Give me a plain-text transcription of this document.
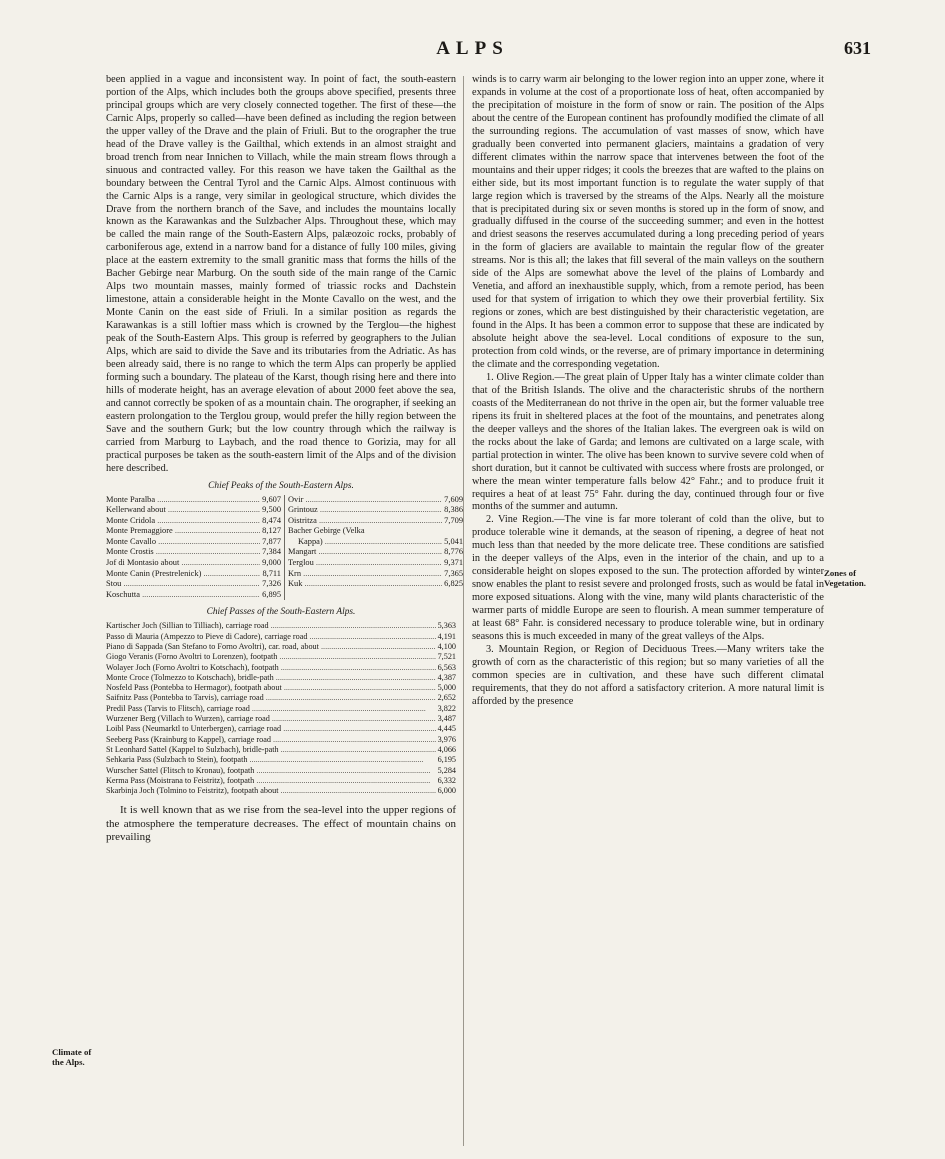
ALPS	631

been applied in a vague and inconsistent way. In point of fact, the south-eastern portion of the Alps, which includes both the groups above specified, presents three principal groups which are very closely connected together. The first of these—the Carnic Alps, properly so called—have been defined as including the region between the upper valley of the Drave and the plain of Friuli. But to the orographer the true head of the Drave valley is the Gailthal, which extends in an almost straight and broad trench from near Innichen to Villach, while the main stream flows through a sinuous and contracted valley. For this reason we have taken the Gailthal as the boundary between the Central Tyrol and the Carnic Alps. Almost continuous with the Carnic Alps is a range, very similar in geological structure, which divides the Drave from the northern branch of the Save, and includes the mountains locally known as the Karawankas and the Sulzbacher Alps. Throughout these, which may be called the main range of the South-Eastern Alps, palæozoic rocks, probably of carboniferous age, extend in a narrow band for a distance of fully 100 miles, giving place at the eastern extremity to the small granitic mass that forms the hills of the Bacher Gebirge near Marburg. On the south side of the main range of the Carnic Alps two mountain masses, mainly formed of triassic rocks and Dachstein limestone, attain a considerable height in the Monte Cavallo on the west, and the Monte Canin on the east side of Friuli. In a similar position as regards the Karawankas is a still loftier mass which is crowned by the Terglou—the highest peak of the South-Eastern Alps. This group is referred by geographers to the Julian Alps, which are said to divide the Save and its tributaries from the Adriatic. As has been already said, there is no range to which the term Alps can properly be applied forming such a boundary. The plateau of the Karst, though rising here and there into hills of moderate height, has an average elevation of about 2000 feet above the sea, and cannot correctly be spoken of as a mountain chain. The orographer, if seeking an eastern prolongation to the Terglou group, would prefer the hilly region between the Save and the southern Gurk; but the low country through which the railway is carried from Marburg to Laybach, and the road thence to Gorizia, may for all practical purposes be taken as the south-eastern limit of the Alps and of the division here described.

Chief Peaks of the South-Eastern Alps.
Monte Paralba .....	9,607
Kellerwand about .....	9,500
Monte Cridola .....	8,474
Monte Premaggiore .....	8,127
Monte Cavallo .....	7,877
Monte Crostis .....	7,384
Jof di Montasio about .....	9,000
Monte Canin (Prestrelenick) .....	8,711
Stou .....	7,326
Koschutta .....	6,895
Ovir .....	7,609
Grintouz .....	8,386
Oistritza .....	7,709
Bacher Gebirge (Velka
Kappa) .....	5,041
Mangart .....	8,776
Terglou .....	9,371
Krn .....	7,365
Kuk .....	6,825
Chief Passes of the South-Eastern Alps.
Kartischer Joch (Sillian to Tilliach), carriage road .....	5,363
Passo di Mauria (Ampezzo to Pieve di Cadore), carriage road .....	4,191
Piano di Sappada (San Stefano to Forno Avoltri), car. road, about .....	4,100
Giogo Veranis (Forno Avoltri to Lorenzen), footpath .....	7,521
Wolayer Joch (Forno Avoltri to Kotschach), footpath .....	6,563
Monte Croce (Tolmezzo to Kotschach), bridle-path .....	4,387
Nosfeld Pass (Pontebba to Hermagor), footpath about .....	5,000
Saifnitz Pass (Pontebba to Tarvis), carriage road .....	2,652
Predil Pass (Tarvis to Flitsch), carriage road .....	3,822
Wurzener Berg (Villach to Wurzen), carriage road .....	3,487
Loibl Pass (Neumarktl to Unterbergen), carriage road .....	4,445
Seeberg Pass (Krainburg to Kappel), carriage road .....	3,976
St Leonhard Sattel (Kappel to Sulzbach), bridle-path .....	4,066
Sehkaria Pass (Sulzbach to Stein), footpath .....	6,195
Wurscher Sattel (Flitsch to Kronau), footpath .....	5,284
Kerma Pass (Moistrana to Feistritz), footpath .....	6,332
Skarbinja Joch (Tolmino to Feistritz), footpath about .....	6,000

It is well known that as we rise from the sea-level into the upper regions of the atmosphere the temperature decreases. The effect of mountain chains on prevailing

winds is to carry warm air belonging to the lower region into an upper zone, where it expands in volume at the cost of a proportionate loss of heat, often accompanied by the precipitation of moisture in the form of snow or rain. The position of the Alps about the centre of the European continent has profoundly modified the climate of all the surrounding regions. The accumulation of vast masses of snow, which have gradually been converted into permanent glaciers, maintains a gradation of very different climates within the narrow space that intervenes between the foot of the mountains and their upper ridges; it cools the breezes that are wafted to the plains on either side, but its most important function is to regulate the water supply of that large region which is traversed by the streams of the Alps. Nearly all the moisture that is precipitated during six or seven months is stored up in the form of snow, and gradually diffused in the course of the succeeding summer; and even in the hottest and driest seasons the reserves accumulated during a long preceding period of years in the form of glaciers are available to maintain the regular flow of the greater streams. Nor is this all; the lakes that fill several of the main valleys on the southern side of the Alps are somewhat above the level of the plains of Lombardy and Venetia, and afford an inexhaustible supply, which, from a remote period, has been used for that system of irrigation to which they owe their proverbial fertility. Six regions or zones, which are best distinguished by their characteristic vegetation, are found in the Alps. It has been a common error to suppose that these are indicated by absolute height above the sea-level. Local conditions of exposure to the sun, protection from cold winds, or the reverse, are of primary importance in determining the climate and the corresponding vegetation.

1. Olive Region.—The great plain of Upper Italy has a winter climate colder than that of the British Islands. The olive and the characteristic shrubs of the northern coasts of the Mediterranean do not thrive in the open air, but the former valuable tree ripens its fruit in sheltered places at the foot of the mountains, and penetrates along the deeper valleys and the shores of the Italian lakes. The evergreen oak is wild on the rocks about the lake of Garda; and lemons are cultivated on a large scale, with partial protection in winter. The olive has been known to survive severe cold when of short duration, but it cannot be cultivated with success where frosts are prolonged, or where the mean winter temperature falls below 42° Fahr.; and to produce fruit it requires a heat of at least 75° Fahr. during the day, continued through four or five months of the summer and autumn.

2. Vine Region.—The vine is far more tolerant of cold than the olive, but to produce tolerable wine it demands, at the season of ripening, a degree of heat not much less than that needed by the more delicate tree. These conditions are satisfied in the deeper valleys of the Alps, even in the interior of the chain, and up to a considerable height on slopes exposed to the sun. The protection afforded by winter snow enables the plant to resist severe and prolonged frosts, such as would be fatal in more exposed situations. Along with the vine, many wild plants characteristic of the warmer parts of middle Europe are seen to flourish. A mean summer temperature of at least 68° Fahr. is considered necessary to produce tolerable wine, but in ordinary seasons this is much exceeded in many of the great valleys of the Alps.

3. Mountain Region, or Region of Deciduous Trees.—Many writers take the growth of corn as the characteristic of this region; but so many varieties of all the common species are in cultivation, and these have such different climatal requirements, that they do not afford a satisfactory criterion. A more natural limit is afforded by the presence

Climate of the Alps.
Zones of Vegetation.
